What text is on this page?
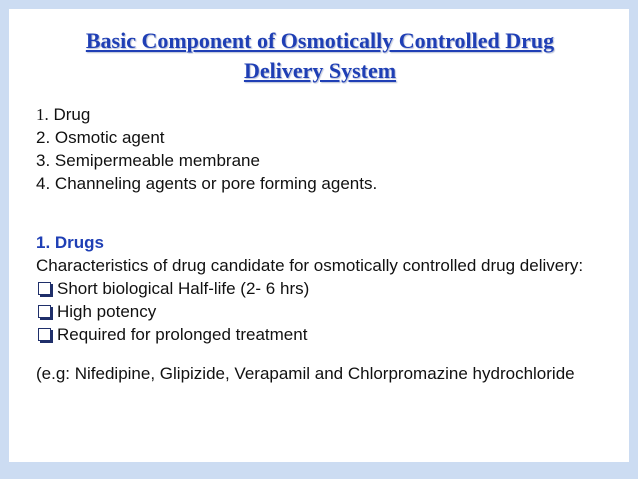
Basic Component of Osmotically Controlled Drug
Delivery System
1. Drug
2. Osmotic agent
3. Semipermeable membrane
4. Channeling agents or pore forming agents.
1. Drugs
Characteristics of drug candidate for osmotically controlled drug delivery:
Short biological Half-life (2- 6 hrs)
High potency
Required for prolonged treatment
(e.g: Nifedipine, Glipizide, Verapamil and Chlorpromazine hydrochloride
